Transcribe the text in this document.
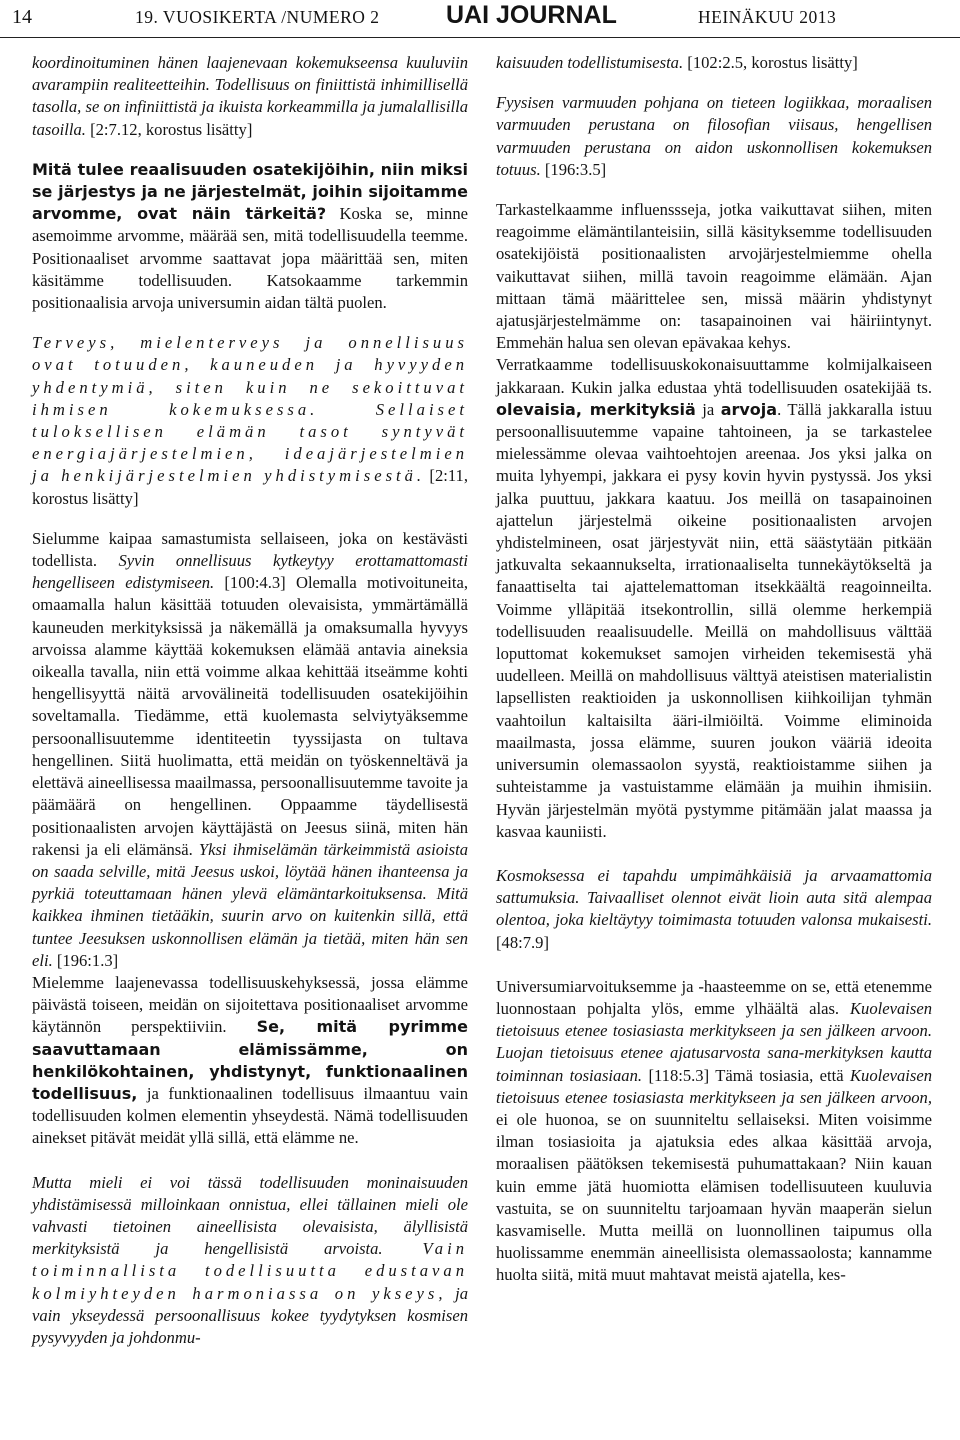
14	19. VUOSIKERTA /NUMERO 2	UAI JOURNAL	HEINÄKUU 2013

koordinoituminen hänen laajenevaan kokemukseensa kuuluviin avarampiin realiteetteihin. Todellisuus on finiittistä inhimillisellä tasolla, se on infiniittistä ja ikuista korkeammilla ja jumalallisilla tasoilla. [2:7.12, korostus lisätty]

Mitä tulee reaalisuuden osatekijöihin, niin miksi se järjestys ja ne järjestelmät, joihin sijoitamme arvomme, ovat näin tärkeitä? Koska se, minne asemoimme arvomme, määrää sen, mitä todellisuudella teemme. Positionaaliset arvomme saattavat jopa määrittää sen, miten käsitämme todellisuuden. Katsokaamme tarkemmin positionaalisia arvoja universumin aidan tältä puolen.

Terveys, mielenterveys ja onnellisuus ovat totuuden, kauneuden ja hyvyyden yhdentymiä, siten kuin ne sekoittuvat ihmisen kokemuksessa. Sellaiset tuloksellisen elämän tasot syntyvät energiajärjestelmien, ideajärjestelmien ja henkijärjestelmien yhdistymisestä. [2:11, korostus lisätty]

Sielumme kaipaa samastumista sellaiseen, joka on kestävästi todellista. Syvin onnellisuus kytkeytyy erottamattomasti hengelliseen edistymiseen. [100:4.3] Olemalla motivoituneita, omaamalla halun käsittää totuuden olevaisista, ymmärtämällä kauneuden merkityksissä ja näkemällä ja omaksumalla hyvyys arvoissa alamme käyttää kokemuksen elämää antavia aineksia oikealla tavalla, niin että voimme alkaa kehittää itseämme kohti hengellisyyttä näitä arvovälineitä todellisuuden osatekijöihin soveltamalla. Tiedämme, että kuolemasta selviytyäksemme persoonallisuutemme identiteetin tyyssijasta on tultava hengellinen. Siitä huolimatta, että meidän on työskenneltävä ja elettävä aineellisessa maailmassa, persoonallisuutemme tavoite ja päämäärä on hengellinen. Oppaamme täydellisestä positionaalisten arvojen käyttäjästä on Jeesus siinä, miten hän rakensi ja eli elämänsä. Yksi ihmiselämän tärkeimmistä asioista on saada selville, mitä Jeesus uskoi, löytää hänen ihanteensa ja pyrkiä toteuttamaan hänen ylevä elämäntarkoituksensa. Mitä kaikkea ihminen tietääkin, suurin arvo on kuitenkin sillä, että tuntee Jeesuksen uskonnollisen elämän ja tietää, miten hän sen eli. [196:1.3]

Mielemme laajenevassa todellisuuskehyksessä, jossa elämme päivästä toiseen, meidän on sijoitettava positionaaliset arvomme käytännön perspektiiviin. Se, mitä pyrimme saavuttamaan elämissämme, on henkilökohtainen, yhdistynyt, funktionaalinen todellisuus, ja funktionaalinen todellisuus ilmaantuu vain todellisuuden kolmen elementin yhseydestä. Nämä todellisuuden ainekset pitävät meidät yllä sillä, että elämme ne.

Mutta mieli ei voi tässä todellisuuden moninaisuuden yhdistämisessä milloinkaan onnistua, ellei tällainen mieli ole vahvasti tietoinen aineellisista olevaisista, älyllisistä merkityksistä ja hengellisistä arvoista. Vain toiminnallista todellisuutta edustavan kolmiyhteyden harmoniassa on ykseys, ja vain ykseydessä persoonallisuus kokee tyydytyksen kosmisen pysyvyyden ja johdonmu-

kaisuuden todellistumisesta. [102:2.5, korostus lisätty]

Fyysisen varmuuden pohjana on tieteen logiikkaa, moraalisen varmuuden perustana on filosofian viisaus, hengellisen varmuuden perustana on aidon uskonnollisen kokemuksen totuus. [196:3.5]

Tarkastelkaamme influenssseja, jotka vaikuttavat siihen, miten reagoimme elämäntilanteisiin, sillä käsityksemme todellisuuden osatekijöistä positionaalisten arvojärjestelmiemme ohella vaikuttavat siihen, millä tavoin reagoimme elämään. Ajan mittaan tämä määrittelee sen, missä määrin yhdistynyt ajatusjärjestelmämme on: tasapainoinen vai häiriintynyt. Emmehän halua sen olevan epävakaa kehys.

Verratkaamme todellisuuskokonaisuuttamme kolmijalkaiseen jakkaraan. Kukin jalka edustaa yhtä todellisuuden osatekijää ts. olevaisia, merkityksiä ja arvoja. Tällä jakkaralla istuu persoonallisuutemme vapaine tahtoineen, ja se tarkastelee mielessämme olevaa vaihtoehtojen areenaa. Jos yksi jalka on muita lyhyempi, jakkara ei pysy kovin hyvin pystyssä. Jos yksi jalka puuttuu, jakkara kaatuu. Jos meillä on tasapainoinen ajattelun järjestelmä oikeine positionaalisten arvojen yhdistelmineen, osat järjestyvät niin, että säästytään pitkään jatkuvalta sekaannukselta, irrationaaliselta tunnekäytökseltä ja fanaattiselta tai ajattelemattoman itsekkäältä reagoinneilta. Voimme ylläpitää itsekontrollin, sillä olemme herkempiä todellisuuden reaalisuudelle. Meillä on mahdollisuus välttää loputtomat kokemukset samojen virheiden tekemisestä yhä uudelleen. Meillä on mahdollisuus välttyä ateistisen materialistin lapsellisten reaktioiden ja uskonnollisen kiihkoilijan tyhmän vaahtoilun kaltaisilta ääri-ilmiöiltä. Voimme eliminoida maailmasta, jossa elämme, suuren joukon vääriä ideoita universumin olemassaolon syystä, reaktioistamme siihen ja suhteistamme ja vastuistamme elämään ja muihin ihmisiin. Hyvän järjestelmän myötä pystymme pitämään jalat maassa ja kasvaa kauniisti.

Kosmoksessa ei tapahdu umpimähkäisiä ja arvaamattomia sattumuksia. Taivaalliset olennot eivät lioin auta sitä alempaa olentoa, joka kieltäytyy toimimasta totuuden valonsa mukaisesti. [48:7.9]

Universumiarvoituksemme ja -haasteemme on se, että etenemme luonnostaan pohjalta ylös, emme ylhäältä alas. Kuolevaisen tietoisuus etenee tosiasiasta merkitykseen ja sen jälkeen arvoon. Luojan tietoisuus etenee ajatusarvosta sana-merkityksen kautta toiminnan tosiasiaan. [118:5.3] Tämä tosiasia, että Kuolevaisen tietoisuus etenee tosiasiasta merkitykseen ja sen jälkeen arvoon, ei ole huonoa, se on suunniteltu sellaiseksi. Miten voisimme ilman tosiasioita ja ajatuksia edes alkaa käsittää arvoja, moraalisen päätöksen tekemisestä puhumattakaan? Niin kauan kuin emme jätä huomiotta elämisen todellisuuteen kuuluvia vastuita, se on suunniteltu tarjoamaan hyvän maaperän sielun kasvamiselle. Mutta meillä on luonnollinen taipumus olla huolissamme enemmän aineellisista olemassaolosta; kannamme huolta siitä, mitä muut mahtavat meistä ajatella, kes-
